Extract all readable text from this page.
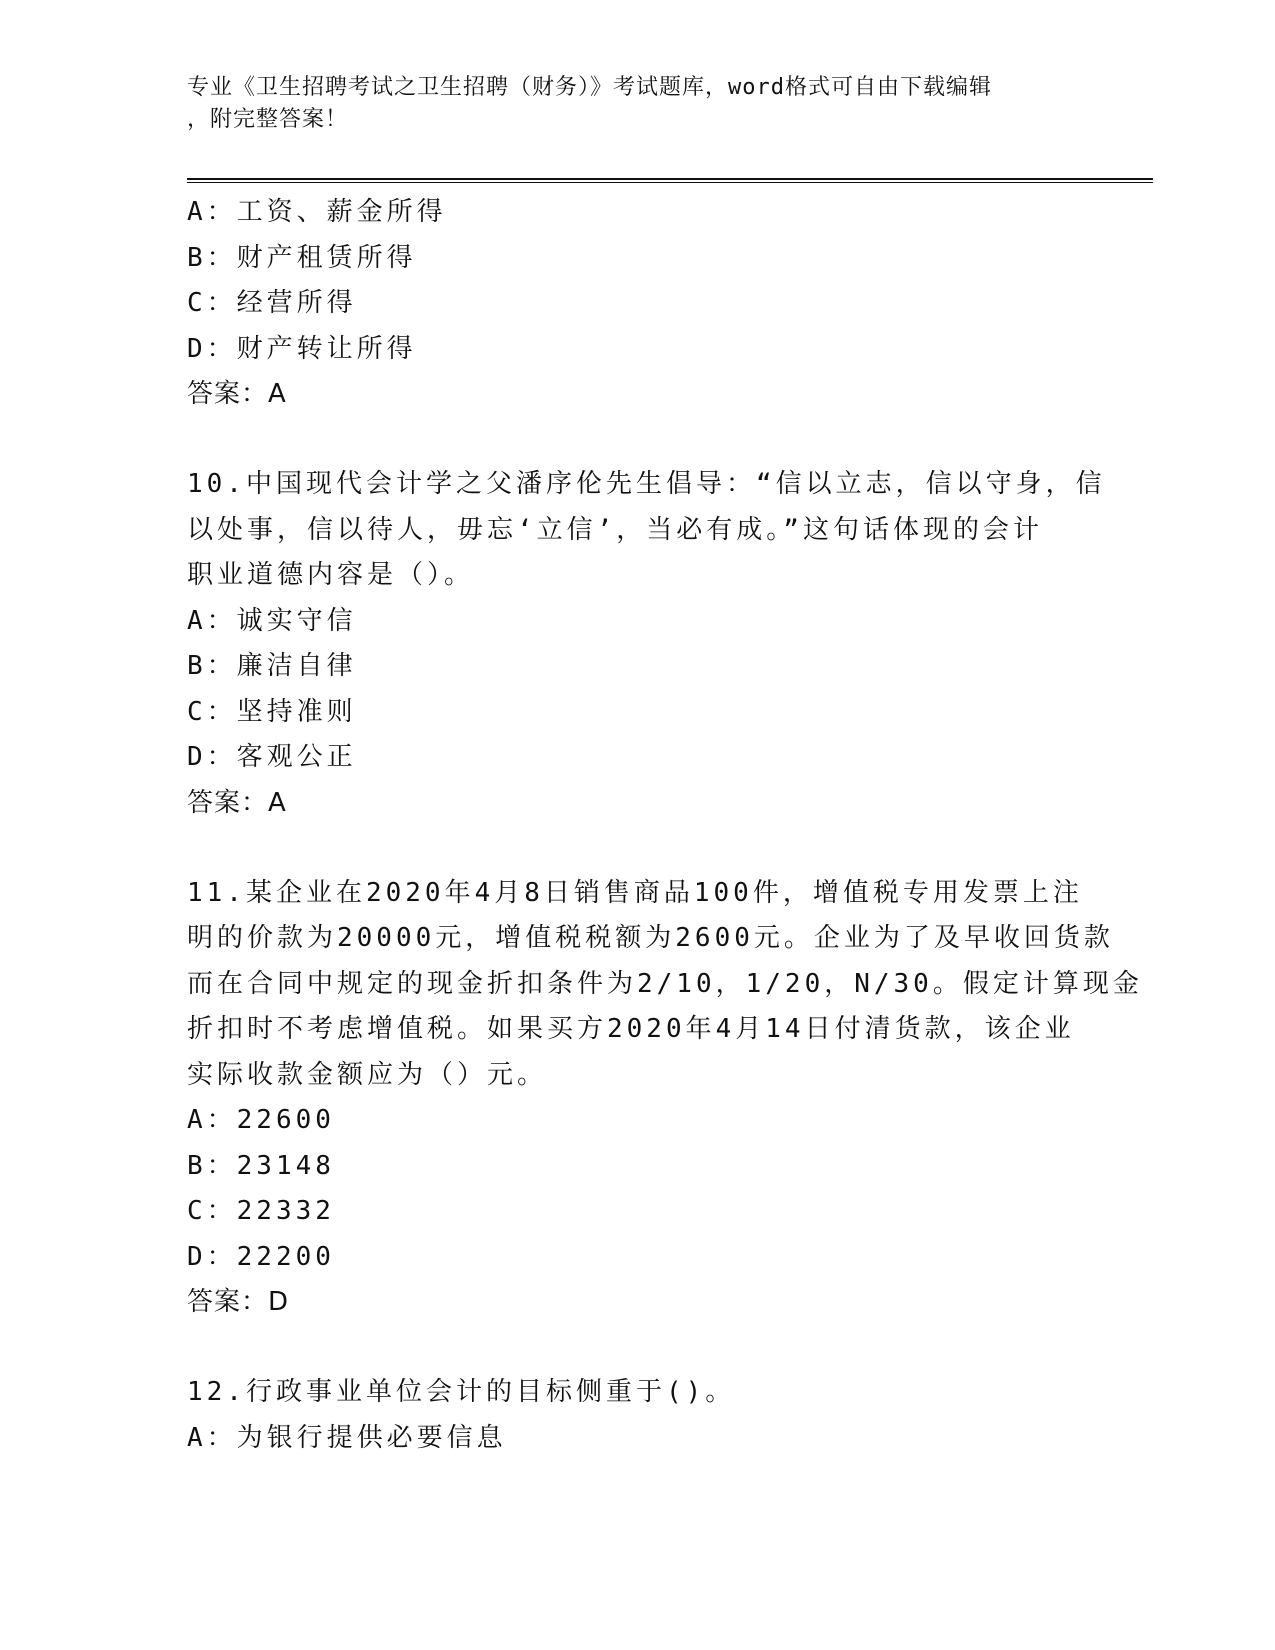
专业《卫生招聘考试之卫生招聘（财务）》考试题库，word格式可自由下载编辑
，附完整答案！
A：工资、薪金所得
B：财产租赁所得
C：经营所得
D：财产转让所得
答案：A
10.中国现代会计学之父潘序伦先生倡导：“信以立志，信以守身，信
以处事，信以待人，毋忘‘立信’，当必有成。”这句话体现的会计
职业道德内容是（）。
A：诚实守信
B：廉洁自律
C：坚持准则
D：客观公正
答案：A
11.某企业在2020年4月8日销售商品100件，增值税专用发票上注
明的价款为20000元，增值税税额为2600元。企业为了及早收回货款
而在合同中规定的现金折扣条件为2/10，1/20，N/30。假定计算现金
折扣时不考虑增值税。如果买方2020年4月14日付清货款，该企业
实际收款金额应为（）元。
A：22600
B：23148
C：22332
D：22200
答案：D
12.行政事业单位会计的目标侧重于()。
A：为银行提供必要信息
